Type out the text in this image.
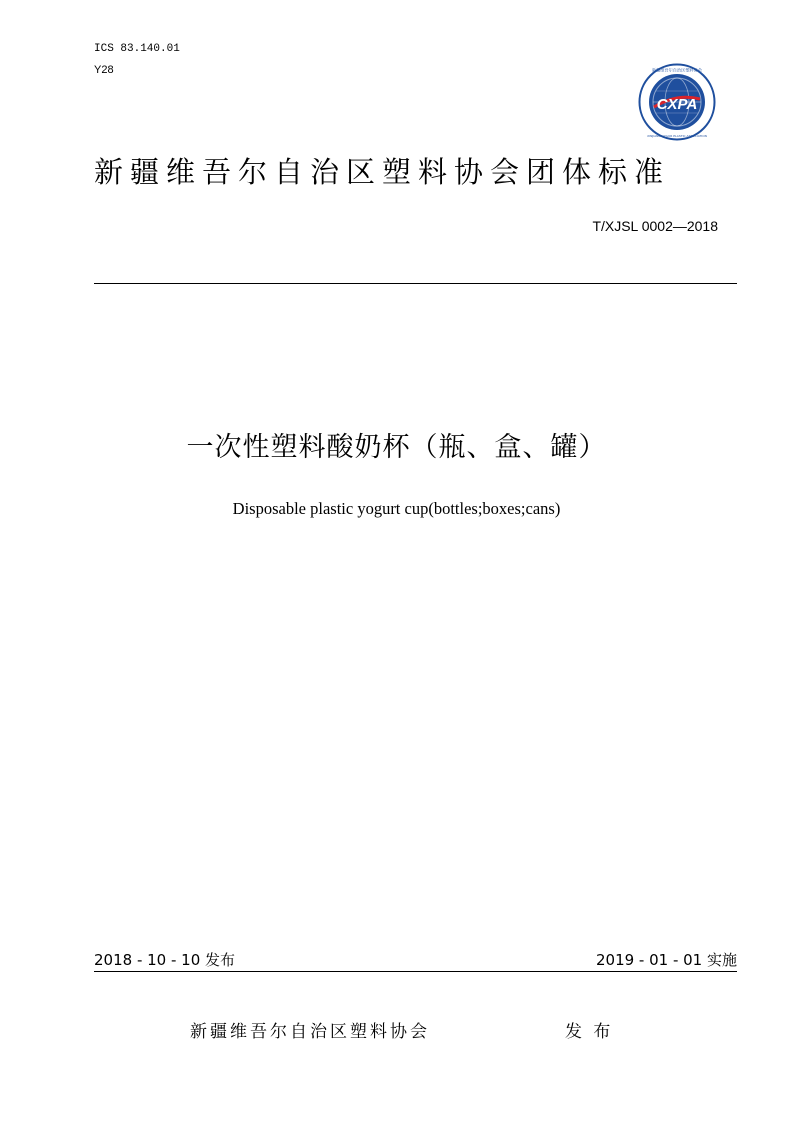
ICS 83.140.01
Y28
CXPA
新疆维吾尔自治区塑料协会
XINJIANG UYGUR PLASTIC ASSOCIATION
新疆维吾尔自治区塑料协会团体标准
T/XJSL 0002—2018
一次性塑料酸奶杯（瓶、盒、罐）
Disposable plastic yogurt cup(bottles;boxes;cans)
2018 - 10 - 10 发布	2019 - 01 - 01 实施
新疆维吾尔自治区塑料协会	发 布
